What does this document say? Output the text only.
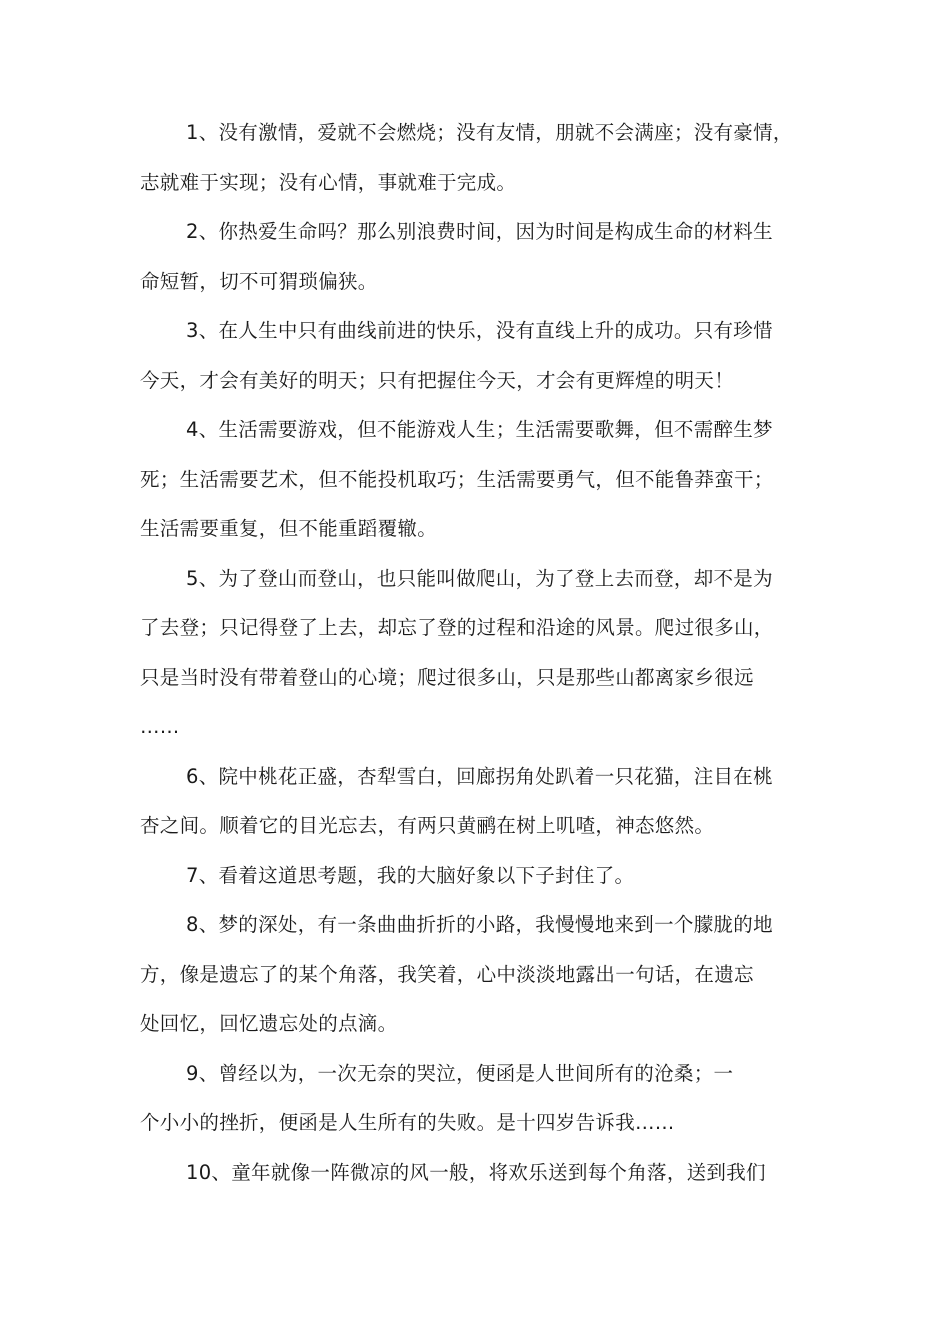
1、没有激情，爱就不会燃烧；没有友情，朋就不会满座；没有豪情，
志就难于实现；没有心情，事就难于完成。
2、你热爱生命吗？那么别浪费时间，因为时间是构成生命的材料生
命短暂，切不可猬琐偏狭。
3、在人生中只有曲线前进的快乐，没有直线上升的成功。只有珍惜
今天，才会有美好的明天；只有把握住今天，才会有更辉煌的明天！
4、生活需要游戏，但不能游戏人生；生活需要歌舞，但不需醉生梦
死；生活需要艺术，但不能投机取巧；生活需要勇气，但不能鲁莽蛮干；
生活需要重复，但不能重蹈覆辙。
5、为了登山而登山，也只能叫做爬山，为了登上去而登，却不是为
了去登；只记得登了上去，却忘了登的过程和沿途的风景。爬过很多山，
只是当时没有带着登山的心境；爬过很多山，只是那些山都离家乡很远
……
6、院中桃花正盛，杏犁雪白，回廊拐角处趴着一只花猫，注目在桃
杏之间。顺着它的目光忘去，有两只黄鹂在树上叽喳，神态悠然。
7、看着这道思考题，我的大脑好象以下子封住了。
8、梦的深处，有一条曲曲折折的小路，我慢慢地来到一个朦胧的地
方，像是遗忘了的某个角落，我笑着，心中淡淡地露出一句话，在遗忘
处回忆，回忆遗忘处的点滴。
9、曾经以为，一次无奈的哭泣，便函是人世间所有的沧桑；一
个小小的挫折，便函是人生所有的失败。是十四岁告诉我……
10、童年就像一阵微凉的风一般，将欢乐送到每个角落，送到我们
